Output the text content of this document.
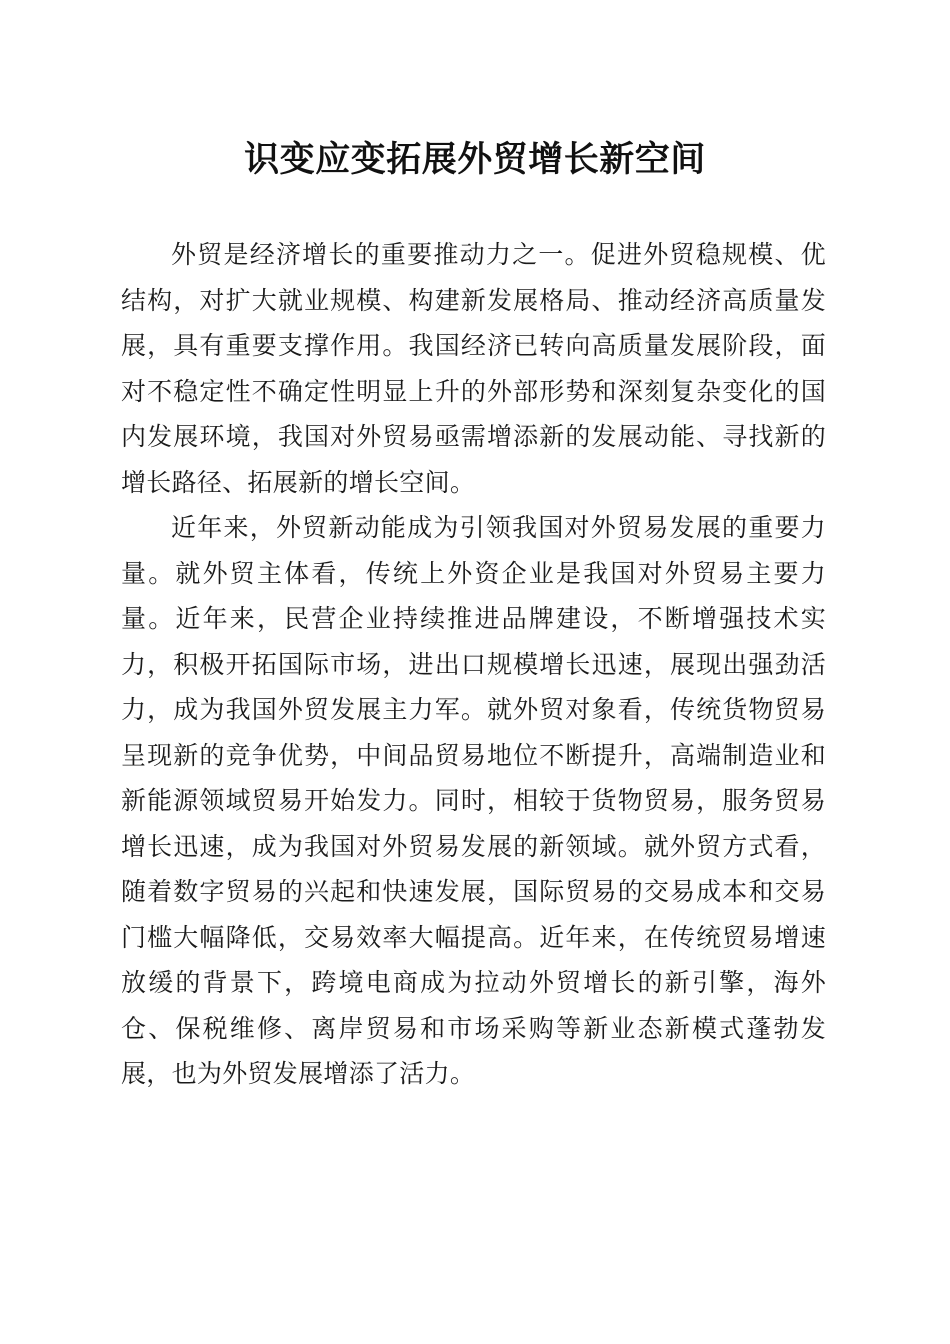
识变应变拓展外贸增长新空间

外贸是经济增长的重要推动力之一。促进外贸稳规模、优结构，对扩大就业规模、构建新发展格局、推动经济高质量发展，具有重要支撑作用。我国经济已转向高质量发展阶段，面对不稳定性不确定性明显上升的外部形势和深刻复杂变化的国内发展环境，我国对外贸易亟需增添新的发展动能、寻找新的增长路径、拓展新的增长空间。

近年来，外贸新动能成为引领我国对外贸易发展的重要力量。就外贸主体看，传统上外资企业是我国对外贸易主要力量。近年来，民营企业持续推进品牌建设，不断增强技术实力，积极开拓国际市场，进出口规模增长迅速，展现出强劲活力，成为我国外贸发展主力军。就外贸对象看，传统货物贸易呈现新的竞争优势，中间品贸易地位不断提升，高端制造业和新能源领域贸易开始发力。同时，相较于货物贸易，服务贸易增长迅速，成为我国对外贸易发展的新领域。就外贸方式看，随着数字贸易的兴起和快速发展，国际贸易的交易成本和交易门槛大幅降低，交易效率大幅提高。近年来，在传统贸易增速放缓的背景下，跨境电商成为拉动外贸增长的新引擎，海外仓、保税维修、离岸贸易和市场采购等新业态新模式蓬勃发展，也为外贸发展增添了活力。
